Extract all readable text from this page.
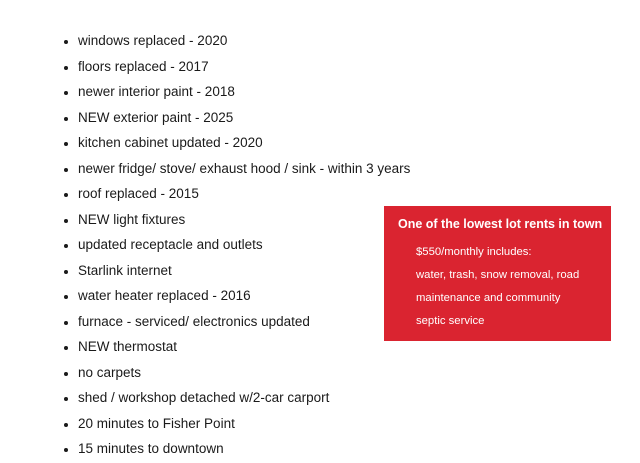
• windows replaced - 2020
• floors replaced - 2017
• newer interior paint - 2018
• NEW exterior paint - 2025
• kitchen cabinet updated - 2020
• newer fridge/ stove/ exhaust hood / sink - within 3 years
• roof replaced - 2015
• NEW light fixtures
• updated receptacle and outlets
• Starlink internet
• water heater replaced - 2016
• furnace - serviced/ electronics updated
• NEW thermostat
• no carpets
• shed / workshop detached w/2-car carport
• 20 minutes to Fisher Point
• 15 minutes to downtown
One of the lowest lot rents in town
$550/monthly includes:
water, trash, snow removal, road
maintenance and community
septic service
